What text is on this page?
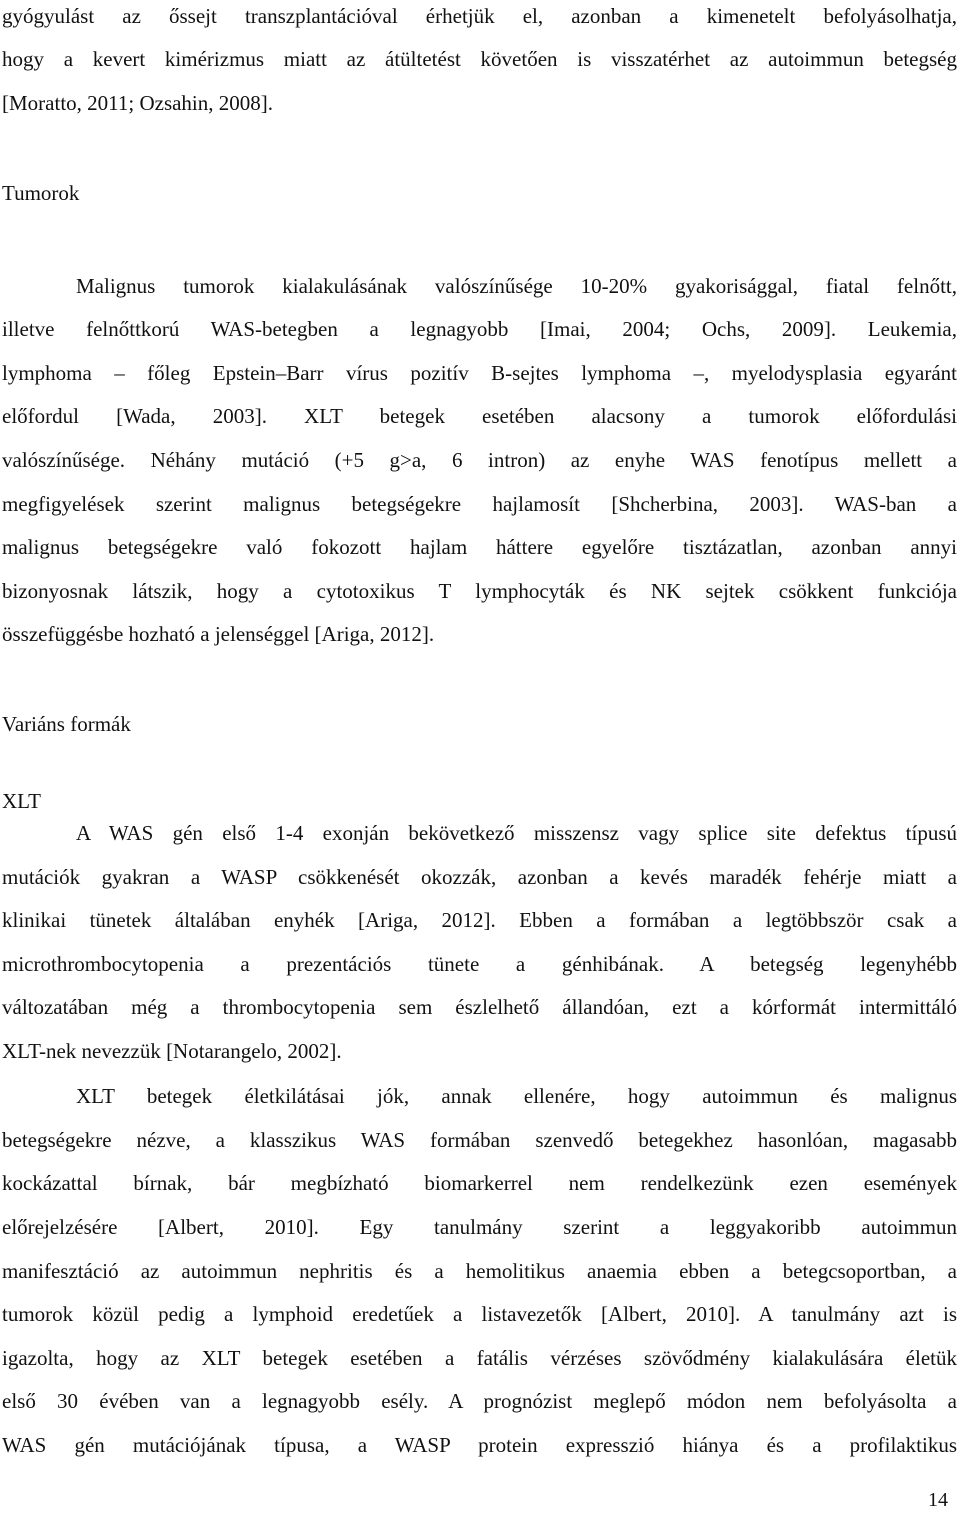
gyógyulást az őssejt transzplantációval érhetjük el, azonban a kimenetelt befolyásolhatja,
hogy a kevert kimérizmus miatt az átültetést követően is visszatérhet az autoimmun betegség
[Moratto, 2011; Ozsahin, 2008].
Tumorok
Malignus tumorok kialakulásának valószínűsége 10-20% gyakorisággal, fiatal felnőtt,
illetve felnőttkorú WAS-betegben a legnagyobb [Imai, 2004; Ochs, 2009]. Leukemia,
lymphoma – főleg Epstein–Barr vírus pozitív B-sejtes lymphoma –, myelodysplasia egyaránt
előfordul [Wada, 2003]. XLT betegek esetében alacsony a tumorok előfordulási
valószínűsége. Néhány mutáció (+5 g>a, 6 intron) az enyhe WAS fenotípus mellett a
megfigyelések szerint malignus betegségekre hajlamosít [Shcherbina, 2003]. WAS-ban a
malignus betegségekre való fokozott hajlam háttere egyelőre tisztázatlan, azonban annyi
bizonyosnak látszik, hogy a cytotoxikus T lymphocyták és NK sejtek csökkent funkciója
összefüggésbe hozható a jelenséggel [Ariga, 2012].
Variáns formák
XLT
A WAS gén első 1-4 exonján bekövetkező misszensz vagy splice site defektus típusú
mutációk gyakran a WASP csökkenését okozzák, azonban a kevés maradék fehérje miatt a
klinikai tünetek általában enyhék [Ariga, 2012]. Ebben a formában a legtöbbször csak a
microthrombocytopenia a prezentációs tünete a génhibának. A betegség legenyhébb
változatában még a thrombocytopenia sem észlelhető állandóan, ezt a kórformát intermittáló
XLT-nek nevezzük [Notarangelo, 2002].
XLT betegek életkilátásai jók, annak ellenére, hogy autoimmun és malignus
betegségekre nézve, a klasszikus WAS formában szenvedő betegekhez hasonlóan, magasabb
kockázattal bírnak, bár megbízható biomarkerrel nem rendelkezünk ezen események
előrejelzésére [Albert, 2010]. Egy tanulmány szerint a leggyakoribb autoimmun
manifesztáció az autoimmun nephritis és a hemolitikus anaemia ebben a betegcsoportban, a
tumorok közül pedig a lymphoid eredetűek a listavezetők [Albert, 2010]. A tanulmány azt is
igazolta, hogy az XLT betegek esetében a fatális vérzéses szövődmény kialakulására életük
első 30 évében van a legnagyobb esély. A prognózist meglepő módon nem befolyásolta a
WAS gén mutációjának típusa, a WASP protein expresszió hiánya és a profilaktikus
14
